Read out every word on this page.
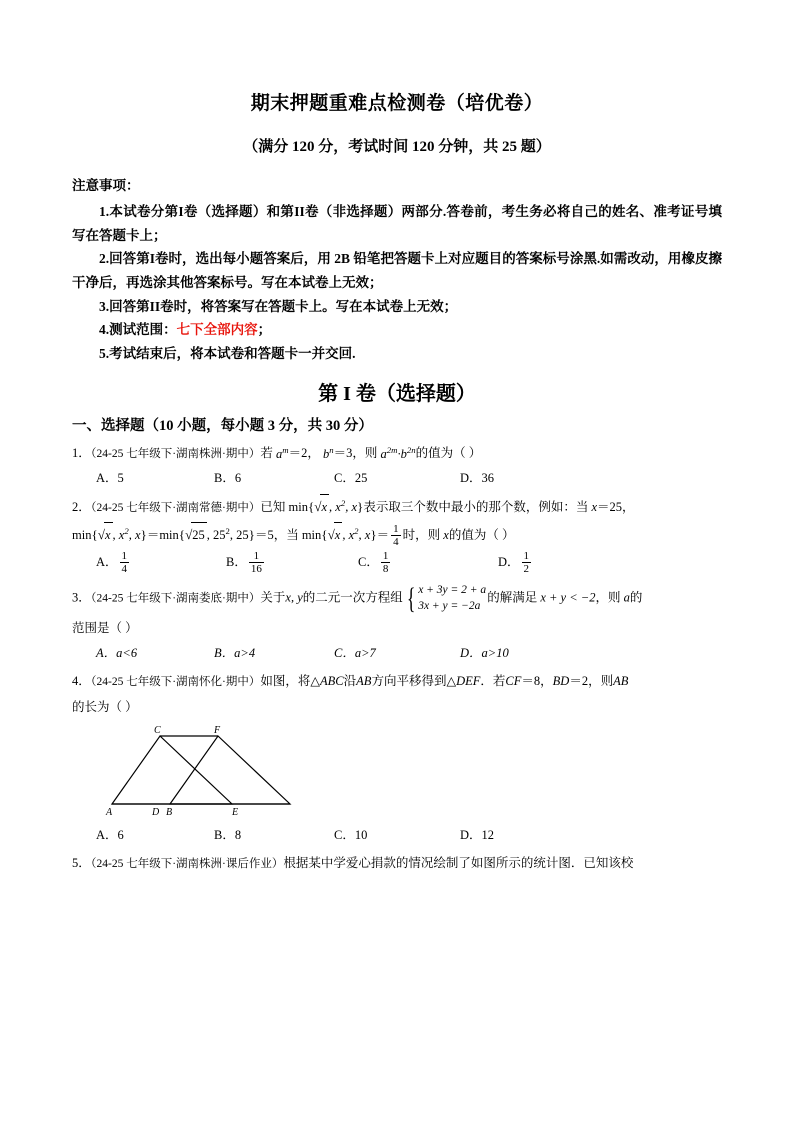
期末押题重难点检测卷（培优卷）
（满分 120 分，考试时间 120 分钟，共 25 题）
注意事项：

1.本试卷分第I卷（选择题）和第II卷（非选择题）两部分.答卷前，考生务必将自己的姓名、准考证号填写在答题卡上；

2.回答第I卷时，选出每小题答案后，用 2B 铅笔把答题卡上对应题目的答案标号涂黑.如需改动，用橡皮擦干净后，再选涂其他答案标号。写在本试卷上无效；

3.回答第II卷时，将答案写在答题卡上。写在本试卷上无效；

4.测试范围：七下全部内容；

5.考试结束后，将本试卷和答题卡一并交回.

第 I 卷（选择题）
一、选择题（10 小题，每小题 3 分，共 30 分）

1．（24-25 七年级下·湖南株洲·期中）若 $a^m=2$， $b^n=3$，则 $a^{2m}\cdot b^{2n}$的值为（ ）

A．5	B．6	C．25	D．36

2．（24-25 七年级下·湖南常德·期中）已知 min{√x , $x^2$, x}表示取三个数中最小的那个数，例如：当 x＝25，

min{√x , $x^2$, x}＝min{√25 , $25^2$, 25}＝5，当 min{√x , $x^2$, $x\}= \frac{1}{4}$ 时，则 x的值为（ ）

A． $\frac{1}{4}$	B． $\frac{1}{16}$	C． $\frac{1}{8}$	D． $\frac{1}{2}$

3．（24-25 七年级下·湖南娄底·期中）关于x, y的二元一次方程组 { x + 3y = 2 + a
3x + y = −2a
的解满足 x + y < −2，则 a的

范围是（ ）

A．a<6	B．a>4	C．a>7	D．a>10

4．（24-25 七年级下·湖南怀化·期中）如图，将△ABC沿AB方向平移得到△DEF．若CF＝8，BD＝2，则AB

的长为（ ）

C	F
A	D B	E
A．6	B．8	C．10	D．12

5．（24-25 七年级下·湖南株洲·课后作业）根据某中学爱心捐款的情况绘制了如图所示的统计图．已知该校
